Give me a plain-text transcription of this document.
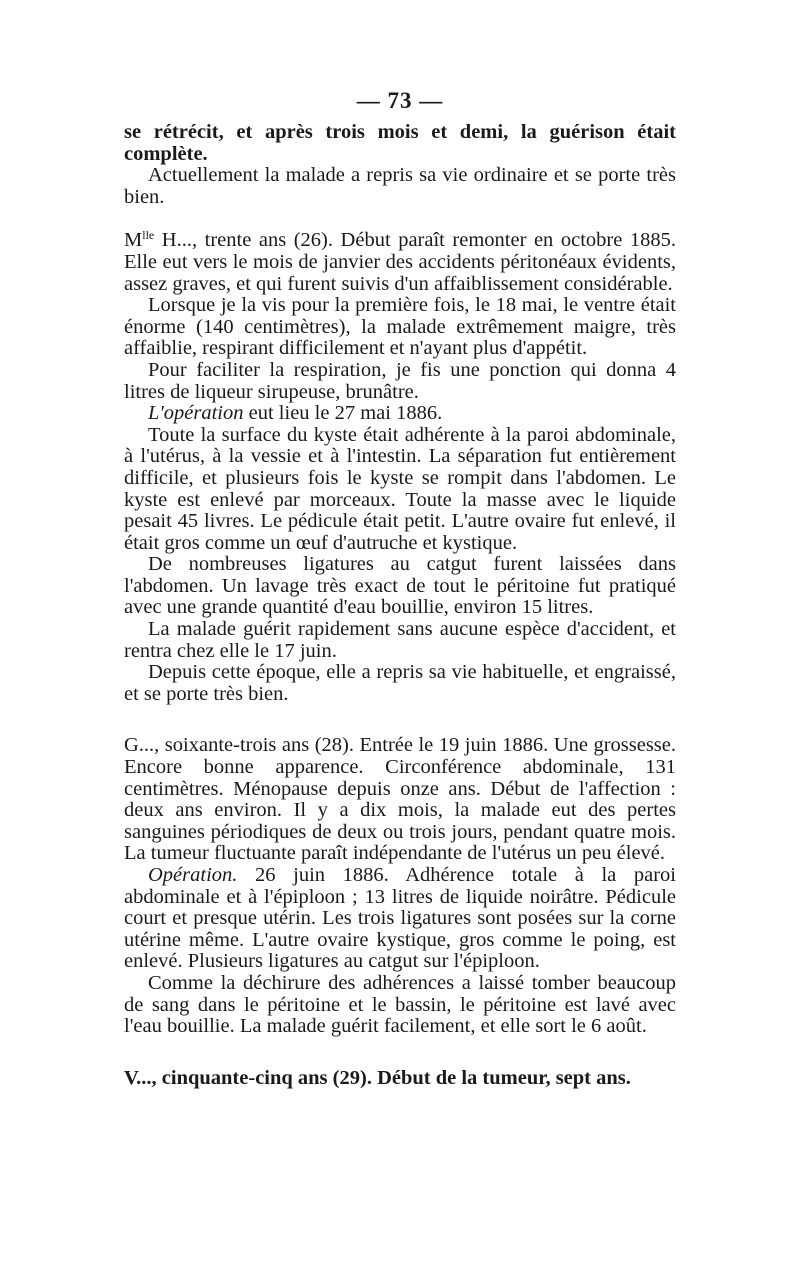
— 73 —

se rétrécit, et après trois mois et demi, la guérison était complète.

Actuellement la malade a repris sa vie ordinaire et se porte très bien.

$M^{lle}$ H..., trente ans (26). Début paraît remonter en octobre 1885. Elle eut vers le mois de janvier des accidents péritonéaux évidents, assez graves, et qui furent suivis d'un affaiblissement considérable.

Lorsque je la vis pour la première fois, le 18 mai, le ventre était énorme (140 centimètres), la malade extrêmement maigre, très affaiblie, respirant difficilement et n'ayant plus d'appétit.

Pour faciliter la respiration, je fis une ponction qui donna 4 litres de liqueur sirupeuse, brunâtre.

L'opération eut lieu le 27 mai 1886.

Toute la surface du kyste était adhérente à la paroi abdominale, à l'utérus, à la vessie et à l'intestin. La séparation fut entièrement difficile, et plusieurs fois le kyste se rompit dans l'abdomen. Le kyste est enlevé par morceaux. Toute la masse avec le liquide pesait 45 livres. Le pédicule était petit. L'autre ovaire fut enlevé, il était gros comme un œuf d'autruche et kystique.

De nombreuses ligatures au catgut furent laissées dans l'abdomen. Un lavage très exact de tout le péritoine fut pratiqué avec une grande quantité d'eau bouillie, environ 15 litres.

La malade guérit rapidement sans aucune espèce d'accident, et rentra chez elle le 17 juin.

Depuis cette époque, elle a repris sa vie habituelle, et engraissé, et se porte très bien.

G..., soixante-trois ans (28). Entrée le 19 juin 1886. Une grossesse. Encore bonne apparence. Circonférence abdominale, 131 centimètres. Ménopause depuis onze ans. Début de l'affection : deux ans environ. Il y a dix mois, la malade eut des pertes sanguines périodiques de deux ou trois jours, pendant quatre mois. La tumeur fluctuante paraît indépendante de l'utérus un peu élevé.

Opération. 26 juin 1886. Adhérence totale à la paroi abdominale et à l'épiploon ; 13 litres de liquide noirâtre. Pédicule court et presque utérin. Les trois ligatures sont posées sur la corne utérine même. L'autre ovaire kystique, gros comme le poing, est enlevé. Plusieurs ligatures au catgut sur l'épiploon.

Comme la déchirure des adhérences a laissé tomber beaucoup de sang dans le péritoine et le bassin, le péritoine est lavé avec l'eau bouillie. La malade guérit facilement, et elle sort le 6 août.

V..., cinquante-cinq ans (29). Début de la tumeur, sept ans.
